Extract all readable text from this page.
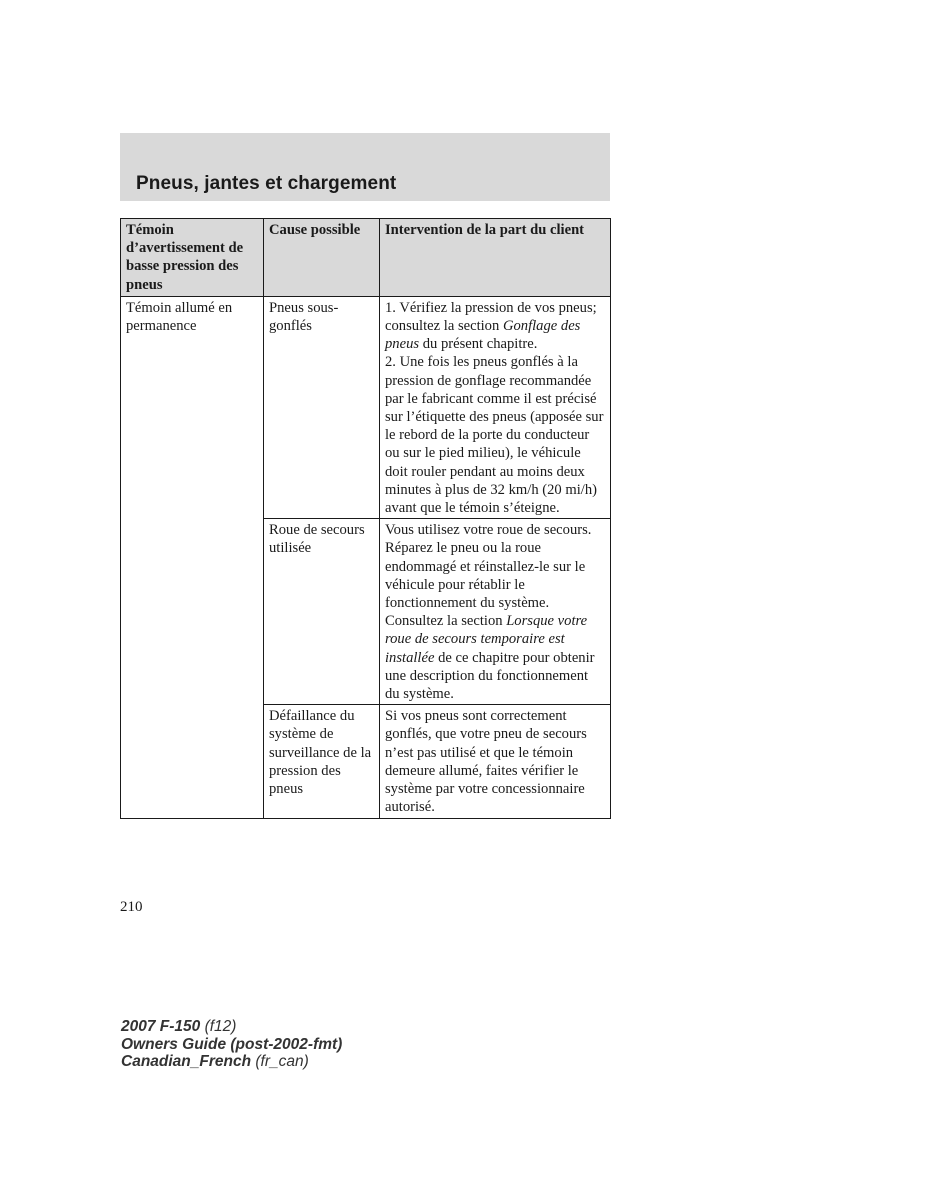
Pneus, jantes et chargement
Témoin d’avertissement de basse pression des pneus	Cause possible	Intervention de la part du client
Témoin allumé en permanence	Pneus sous-gonflés	1. Vérifiez la pression de vos pneus; consultez la section Gonflage des pneus du présent chapitre.
2. Une fois les pneus gonflés à la pression de gonflage recommandée par le fabricant comme il est précisé sur l’étiquette des pneus (apposée sur le rebord de la porte du conducteur ou sur le pied milieu), le véhicule doit rouler pendant au moins deux minutes à plus de 32 km/h (20 mi/h) avant que le témoin s’éteigne.
	Roue de secours utilisée	Vous utilisez votre roue de secours. Réparez le pneu ou la roue endommagé et réinstallez-le sur le véhicule pour rétablir le fonctionnement du système. Consultez la section Lorsque votre roue de secours temporaire est installée de ce chapitre pour obtenir une description du fonctionnement du système.
	Défaillance du système de surveillance de la pression des pneus	Si vos pneus sont correctement gonflés, que votre pneu de secours n’est pas utilisé et que le témoin demeure allumé, faites vérifier le système par votre concessionnaire autorisé.
210
2007 F-150 (f12)
Owners Guide (post-2002-fmt)
Canadian_French (fr_can)
